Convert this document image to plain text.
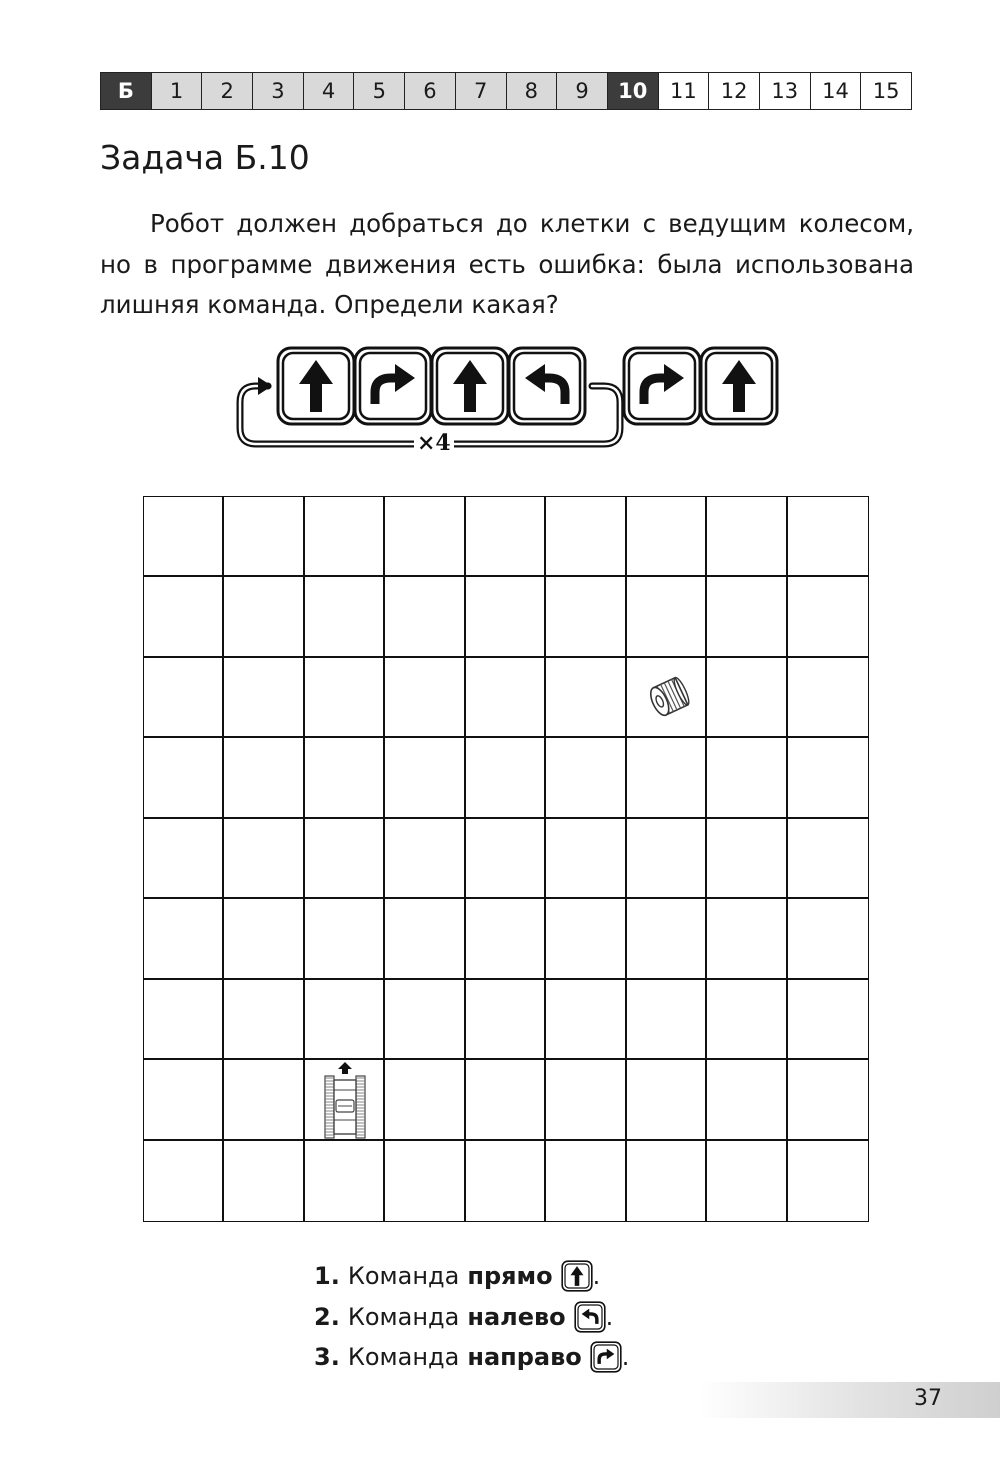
Б	1	2	3	4	5	6	7	8	9	10	11	12	13	14	15
Задача Б.10
Робот должен добраться до клетки с ведущим колесом, но в программе движения есть ошибка: была использована лишняя команда. Определи какая?
×4
1. Команда прямо .
2. Команда налево .
3. Команда направо .
37
